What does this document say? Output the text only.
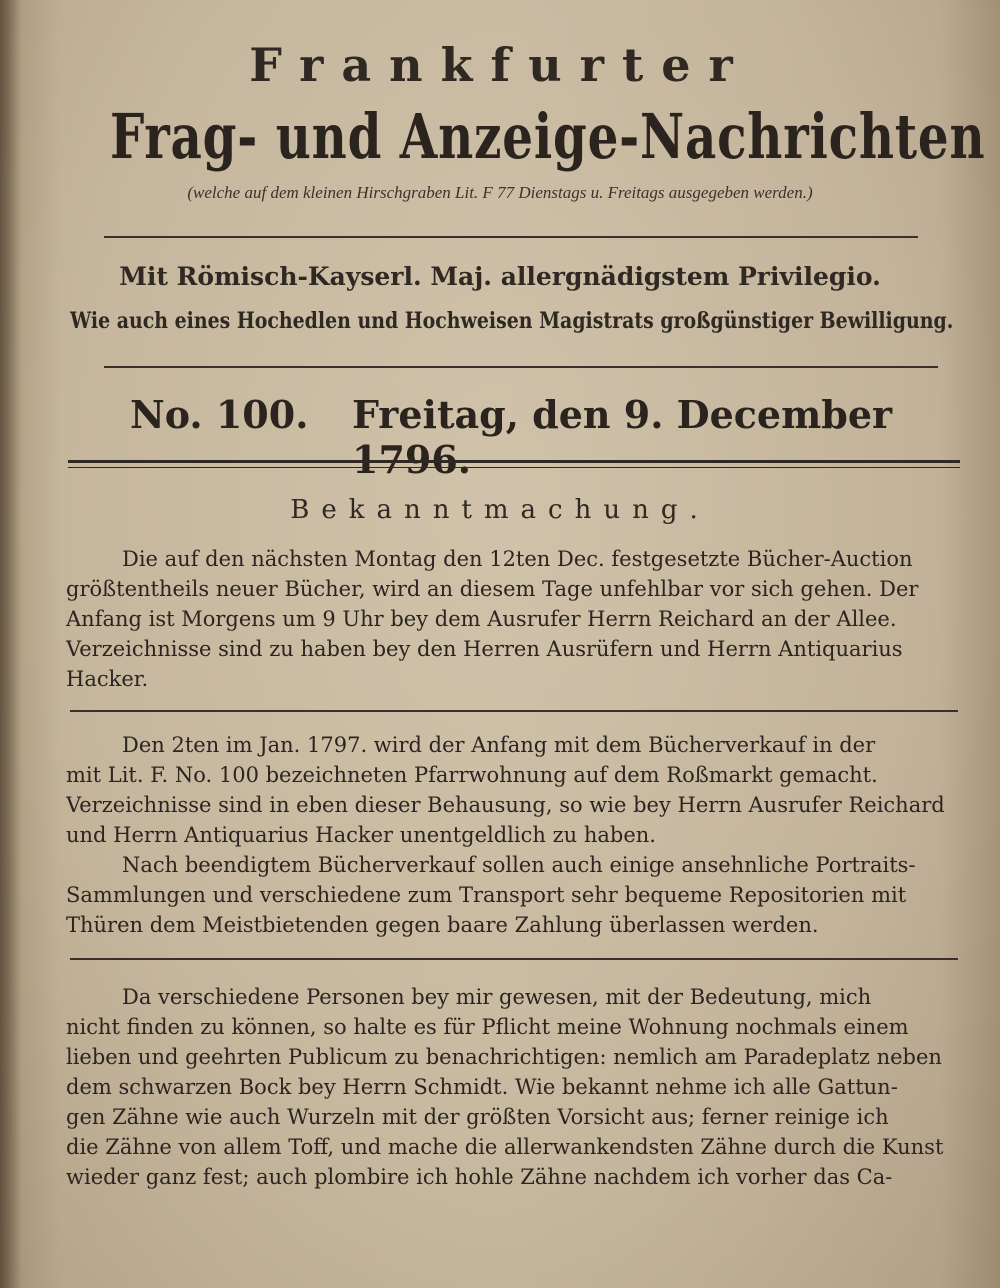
Frankfurter
Frag- und Anzeige-Nachrichten
(welche auf dem kleinen Hirschgraben Lit. F 77 Dienstags u. Freitags ausgegeben werden.)
Mit Römisch-Kayserl. Maj. allergnädigstem Privilegio.
Wie auch eines Hochedlen und Hochweisen Magistrats großgünstiger Bewilligung.
No. 100. Freitag, den 9. December 1796.
Bekanntmachung.
Die auf den nächsten Montag den 12ten Dec. festgesetzte Bücher-Auction
größtentheils neuer Bücher, wird an diesem Tage unfehlbar vor sich gehen. Der
Anfang ist Morgens um 9 Uhr bey dem Ausrufer Herrn Reichard an der Allee.
Verzeichnisse sind zu haben bey den Herren Ausrüfern und Herrn Antiquarius
Hacker.
Den 2ten im Jan. 1797. wird der Anfang mit dem Bücherverkauf in der
mit Lit. F. No. 100 bezeichneten Pfarrwohnung auf dem Roßmarkt gemacht.
Verzeichnisse sind in eben dieser Behausung, so wie bey Herrn Ausrufer Reichard
und Herrn Antiquarius Hacker unentgeldlich zu haben.
Nach beendigtem Bücherverkauf sollen auch einige ansehnliche Portraits-
Sammlungen und verschiedene zum Transport sehr bequeme Repositorien mit
Thüren dem Meistbietenden gegen baare Zahlung überlassen werden.
Da verschiedene Personen bey mir gewesen, mit der Bedeutung, mich
nicht finden zu können, so halte es für Pflicht meine Wohnung nochmals einem
lieben und geehrten Publicum zu benachrichtigen: nemlich am Paradeplatz neben
dem schwarzen Bock bey Herrn Schmidt. Wie bekannt nehme ich alle Gattun-
gen Zähne wie auch Wurzeln mit der größten Vorsicht aus; ferner reinige ich
die Zähne von allem Toff, und mache die allerwankendsten Zähne durch die Kunst
wieder ganz fest; auch plombire ich hohle Zähne nachdem ich vorher das Ca-
